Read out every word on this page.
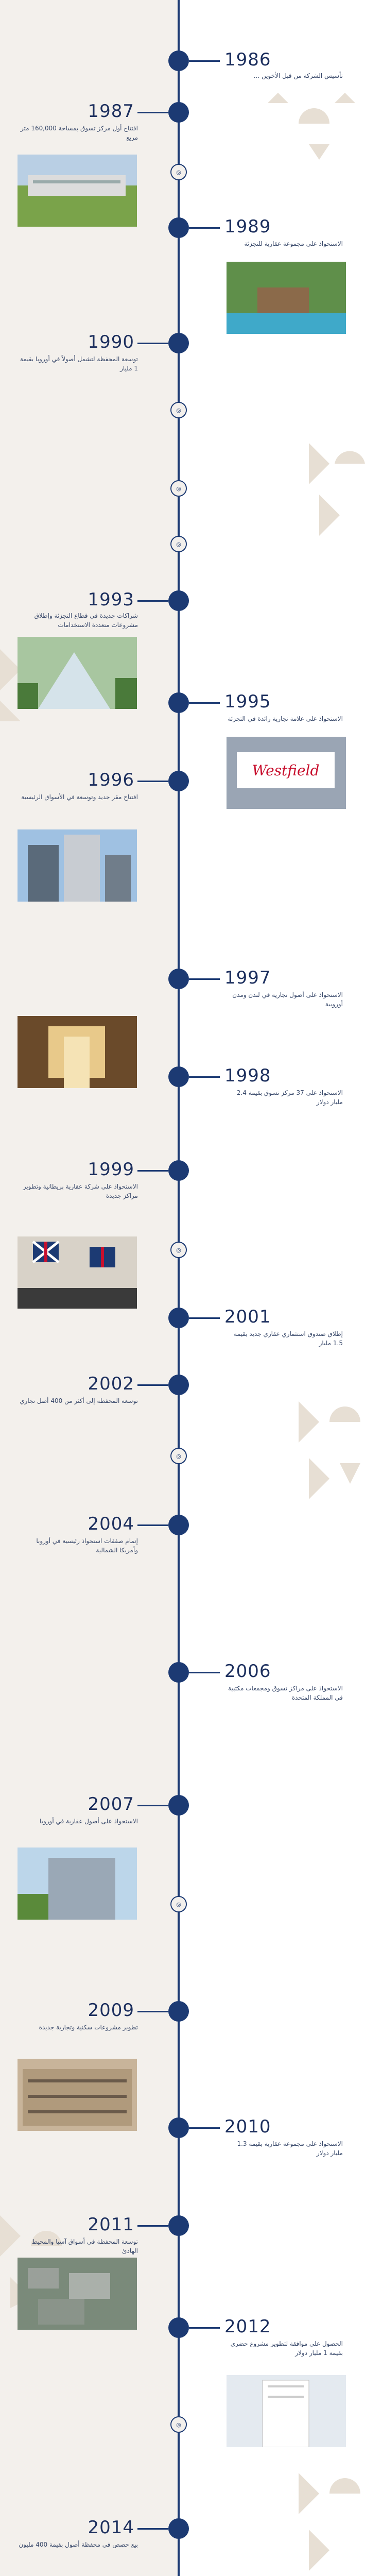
1986
تأسيس الشركة من قبل الأخوين ...
1987
افتتاح أول مركز تسوق بمساحة 160,000 متر مربع
◎
1989
الاستحواذ على مجموعة عقارية للتجزئة
1990
توسعة المحفظة لتشمل أصولاً في أوروبا بقيمة 1 مليار
◎
◎
◎
1993
شراكات جديدة في قطاع التجزئة وإطلاق مشروعات متعددة الاستخدامات
1995
الاستحواذ على علامة تجارية رائدة في التجزئة
Westfield
1996
افتتاح مقر جديد وتوسعة في الأسواق الرئيسية
1997
الاستحواذ على أصول تجارية في لندن ومدن أوروبية
1998
الاستحواذ على 37 مركز تسوق بقيمة 2.4 مليار دولار
1999
الاستحواذ على شركة عقارية بريطانية وتطوير مراكز جديدة
◎
2001
إطلاق صندوق استثماري عقاري جديد بقيمة 1.5 مليار
2002
توسعة المحفظة إلى أكثر من 400 أصل تجاري
◎
2004
إتمام صفقات استحواذ رئيسية في أوروبا وأمريكا الشمالية
2006
الاستحواذ على مراكز تسوق ومجمعات مكتبية في المملكة المتحدة
2007
الاستحواذ على أصول عقارية في أوروبا
◎
2009
تطوير مشروعات سكنية وتجارية جديدة
2010
الاستحواذ على مجموعة عقارية بقيمة 1.3 مليار دولار
2011
توسعة المحفظة في أسواق آسيا والمحيط الهادئ
2012
الحصول على موافقة لتطوير مشروع حضري بقيمة 1 مليار دولار
◎
2014
بيع حصص في محفظة أصول بقيمة 400 مليون
